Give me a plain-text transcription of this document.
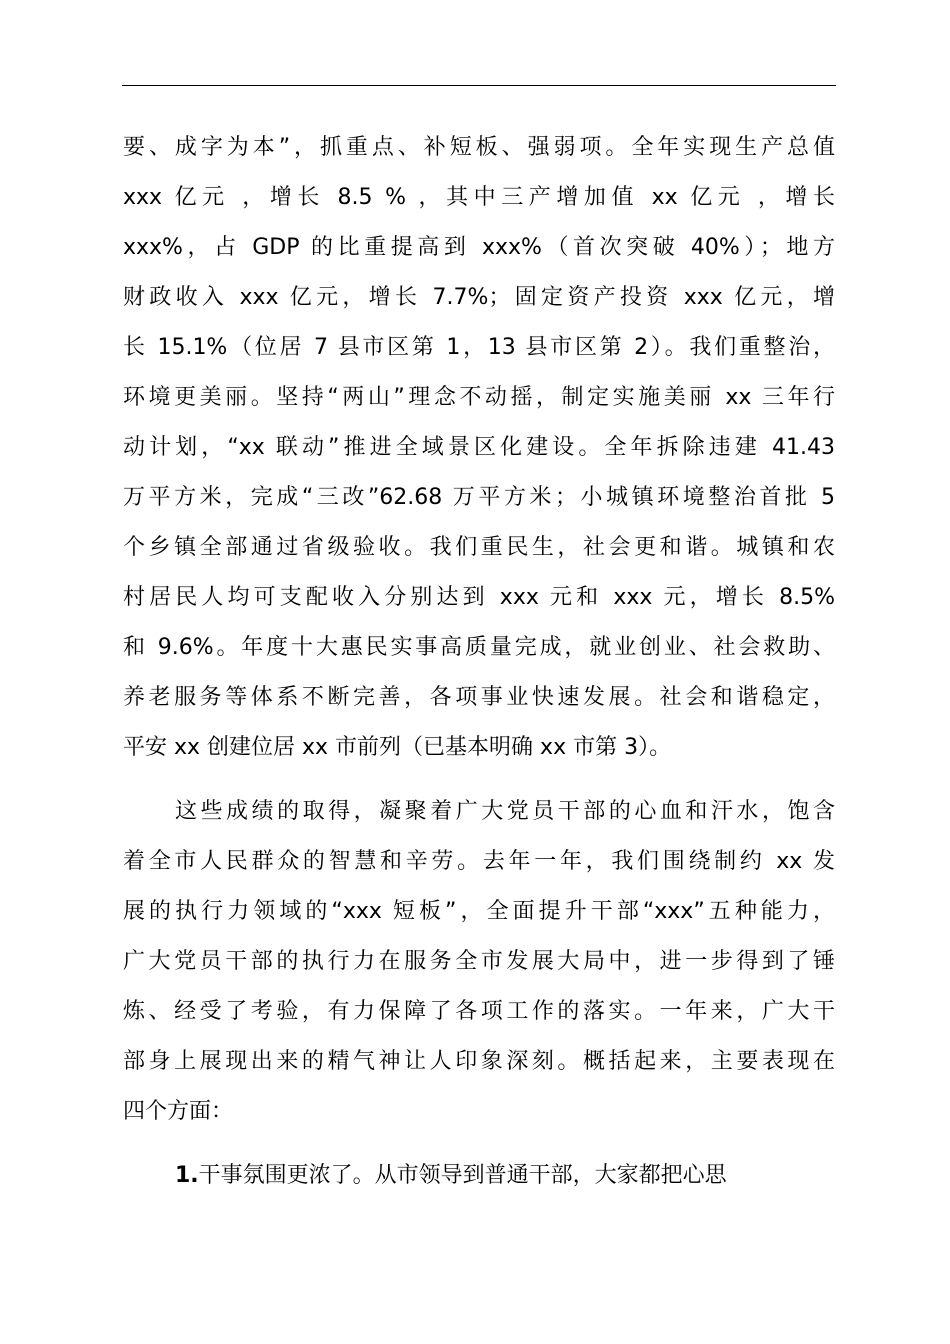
要、成字为本”，抓重点、补短板、强弱项。全年实现生产总值
xxx 亿元 ，增长 8.5 % ，其中三产增加值 xx 亿元 ，增长
xxx%，占 GDP 的比重提高到 xxx%（首次突破 40%）；地方
财政收入 xxx 亿元，增长 7.7%；固定资产投资 xxx 亿元，增
长 15.1%（位居 7 县市区第 1，13 县市区第 2）。我们重整治，
环境更美丽。坚持“两山”理念不动摇，制定实施美丽 xx 三年行
动计划，“xx 联动”推进全域景区化建设。全年拆除违建 41.43
万平方米，完成“三改”62.68 万平方米；小城镇环境整治首批 5
个乡镇全部通过省级验收。我们重民生，社会更和谐。城镇和农
村居民人均可支配收入分别达到 xxx 元和 xxx 元，增长 8.5%
和 9.6%。年度十大惠民实事高质量完成，就业创业、社会救助、
养老服务等体系不断完善，各项事业快速发展。社会和谐稳定，
平安 xx 创建位居 xx 市前列（已基本明确 xx 市第 3）。
这些成绩的取得，凝聚着广大党员干部的心血和汗水，饱含
着全市人民群众的智慧和辛劳。去年一年，我们围绕制约 xx 发
展的执行力领域的“xxx 短板”，全面提升干部“xxx”五种能力，
广大党员干部的执行力在服务全市发展大局中，进一步得到了锤
炼、经受了考验，有力保障了各项工作的落实。一年来，广大干
部身上展现出来的精气神让人印象深刻。概括起来，主要表现在
四个方面：
1.干事氛围更浓了。从市领导到普通干部，大家都把心思
